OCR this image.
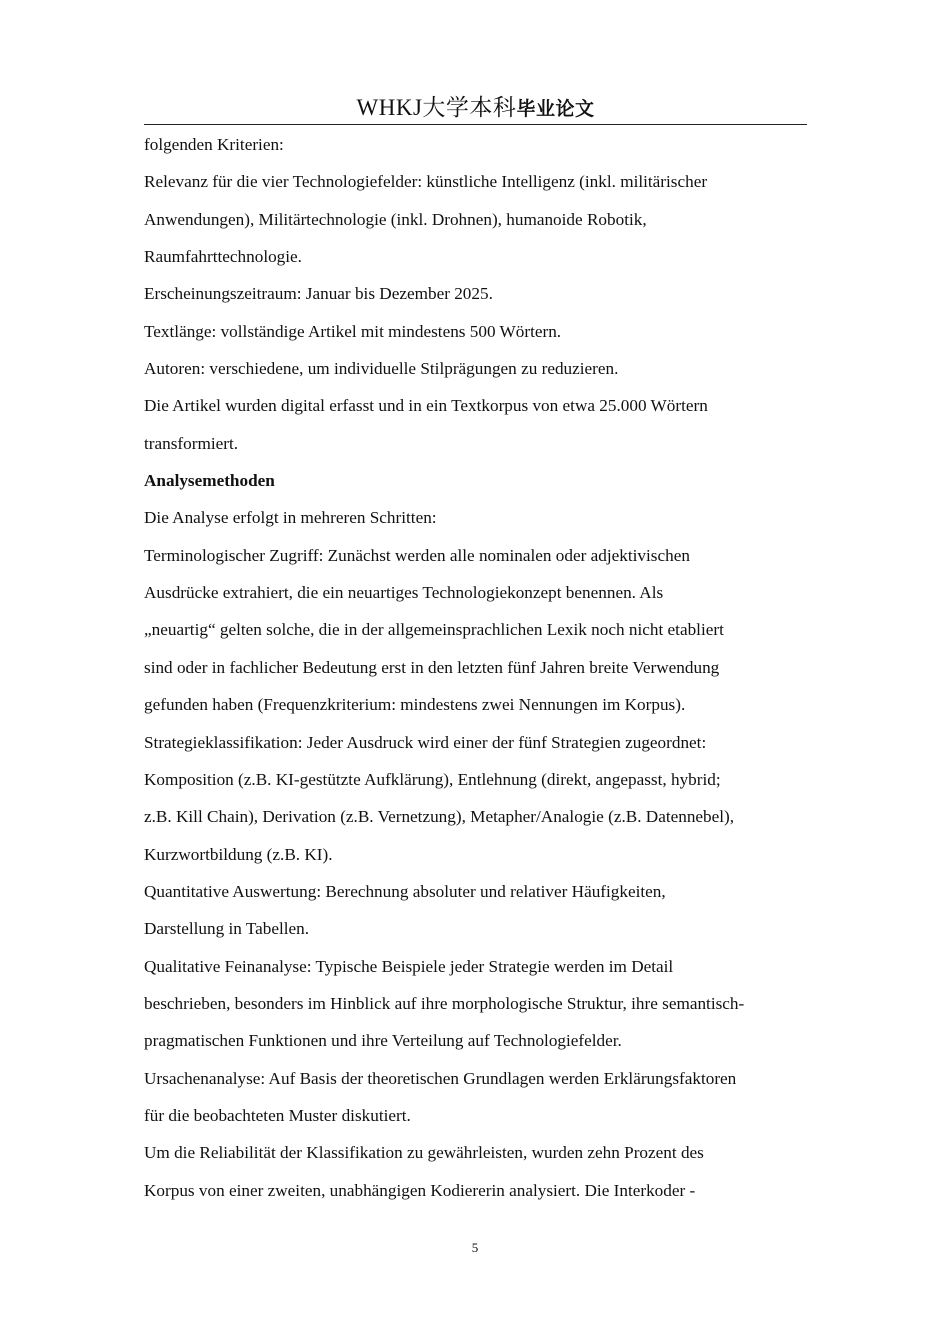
WHKJ大学本科毕业论文

folgenden Kriterien:

Relevanz für die vier Technologiefelder: künstliche Intelligenz (inkl. militärischer
Anwendungen), Militärtechnologie (inkl. Drohnen), humanoide Robotik,
Raumfahrttechnologie.

Erscheinungszeitraum: Januar bis Dezember 2025.

Textlänge: vollständige Artikel mit mindestens 500 Wörtern.

Autoren: verschiedene, um individuelle Stilprägungen zu reduzieren.

Die Artikel wurden digital erfasst und in ein Textkorpus von etwa 25.000 Wörtern
transformiert.

Analysemethoden

Die Analyse erfolgt in mehreren Schritten:

Terminologischer Zugriff: Zunächst werden alle nominalen oder adjektivischen
Ausdrücke extrahiert, die ein neuartiges Technologiekonzept benennen. Als
„neuartig“ gelten solche, die in der allgemeinsprachlichen Lexik noch nicht etabliert
sind oder in fachlicher Bedeutung erst in den letzten fünf Jahren breite Verwendung
gefunden haben (Frequenzkriterium: mindestens zwei Nennungen im Korpus).

Strategieklassifikation: Jeder Ausdruck wird einer der fünf Strategien zugeordnet:
Komposition (z.B. KI-gestützte Aufklärung), Entlehnung (direkt, angepasst, hybrid;
z.B. Kill Chain), Derivation (z.B. Vernetzung), Metapher/Analogie (z.B. Datennebel),
Kurzwortbildung (z.B. KI).

Quantitative Auswertung: Berechnung absoluter und relativer Häufigkeiten,
Darstellung in Tabellen.

Qualitative Feinanalyse: Typische Beispiele jeder Strategie werden im Detail
beschrieben, besonders im Hinblick auf ihre morphologische Struktur, ihre semantisch-
pragmatischen Funktionen und ihre Verteilung auf Technologiefelder.

Ursachenanalyse: Auf Basis der theoretischen Grundlagen werden Erklärungsfaktoren
für die beobachteten Muster diskutiert.

Um die Reliabilität der Klassifikation zu gewährleisten, wurden zehn Prozent des
Korpus von einer zweiten, unabhängigen Kodiererin analysiert. Die Interkoder -

5
